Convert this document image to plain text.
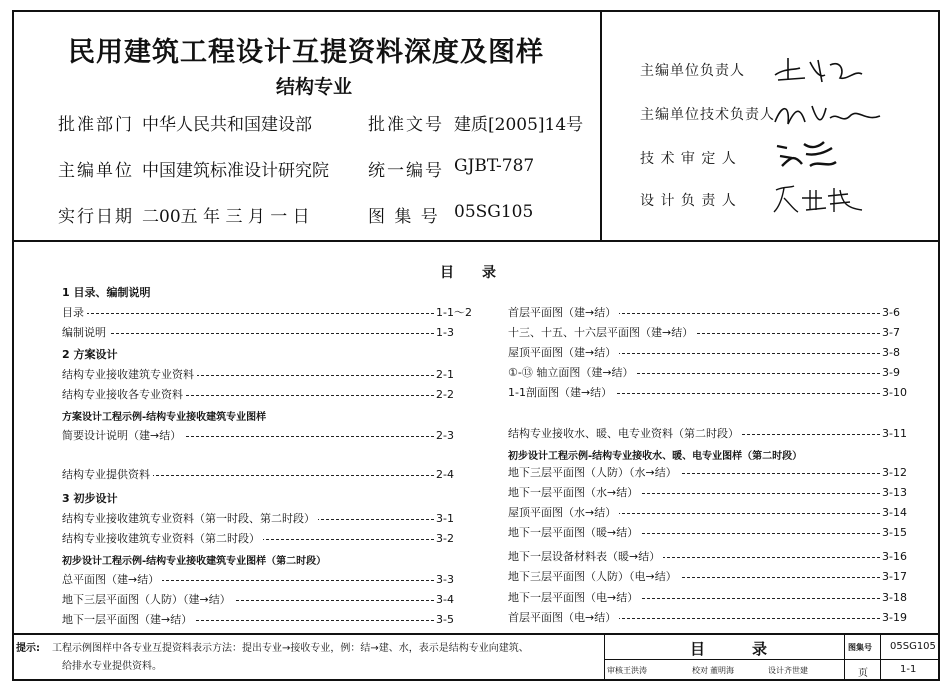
民用建筑工程设计互提资料深度及图样
结构专业
批准部门 中华人民共和国建设部	批准文号 建质[2005]14号
主编单位 中国建筑标准设计研究院 统一编号 GJBT-787
实行日期 二00五 年 三 月 一 日	图 集 号 05SG105
主编单位负责人
主编单位技术负责人
技 术 审 定 人
设 计 负 责 人
目　　录
1 目录、编制说明
目录	1-1～2
编制说明	1-3
2 方案设计
结构专业接收建筑专业资料	2-1
结构专业接收各专业资料	2-2
方案设计工程示例-结构专业接收建筑专业图样
简要设计说明（建→结）	2-3
结构专业提供资料	2-4
3 初步设计
结构专业接收建筑专业资料（第一时段、第二时段）	3-1
结构专业接收建筑专业资料（第二时段）	3-2
初步设计工程示例-结构专业接收建筑专业图样（第二时段）
总平面图（建→结）	3-3
地下三层平面图（人防）（建→结）	3-4
地下一层平面图（建→结）	3-5
首层平面图（建→结）	3-6
十三、十五、十六层平面图（建→结）	3-7
屋顶平面图（建→结）	3-8
①-⑬ 轴立面图（建→结）	3-9
1-1剖面图（建→结）	3-10
结构专业接收水、暖、电专业资料（第二时段）	3-11
初步设计工程示例-结构专业接收水、暖、电专业图样（第二时段）
地下三层平面图（人防）（水→结）	3-12
地下一层平面图（水→结）	3-13
屋顶平面图（水→结）	3-14
地下一层平面图（暖→结）	3-15
地下一层设备材料表（暖→结）	3-16
地下三层平面图（人防）（电→结）	3-17
地下一层平面图（电→结）	3-18
首层平面图（电→结）	3-19
提示: 工程示例图样中各专业互提资料表示方法：提出专业→接收专业，例：结→建、水，表示是结构专业向建筑、
给排水专业提供资料。
目　录	图集号 05SG105
页	1-1
审核 王洪涛	校对 董明海	设计 齐世建
